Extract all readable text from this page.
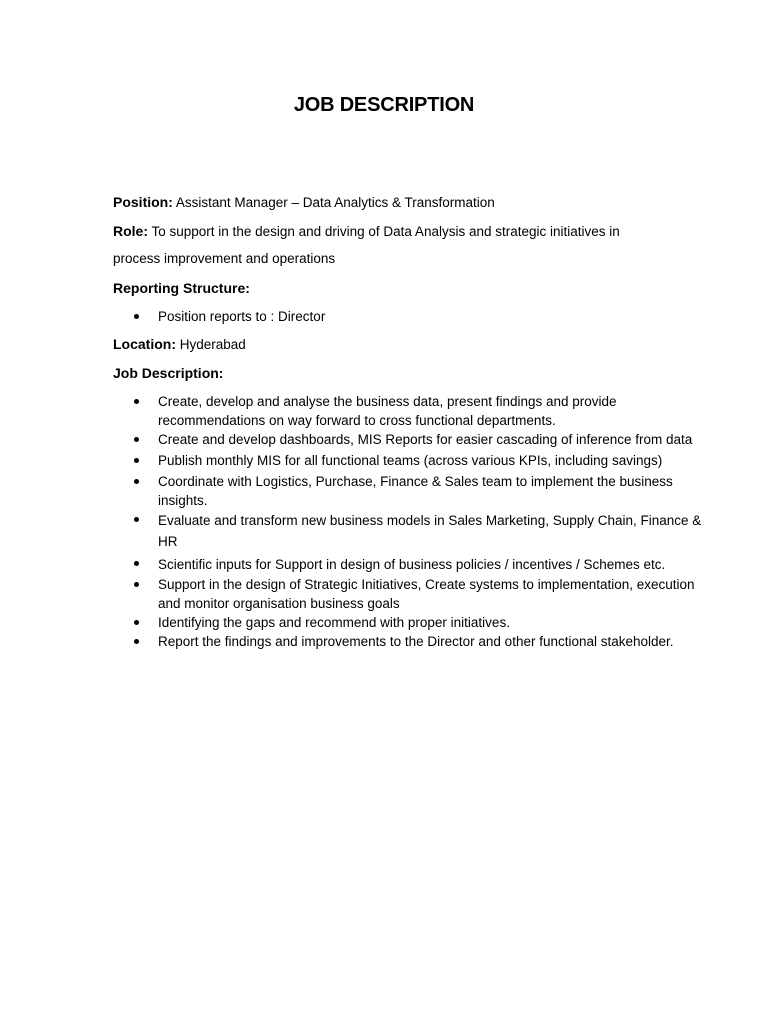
JOB DESCRIPTION
Position: Assistant Manager – Data Analytics & Transformation
Role: To support in the design and driving of Data Analysis and strategic initiatives in
process improvement and operations
Reporting Structure:
Position reports to : Director
Location: Hyderabad
Job Description:
Create, develop and analyse the business data, present findings and provide recommendations on way forward to cross functional departments.
Create and develop dashboards, MIS Reports for easier cascading of inference from data
Publish monthly MIS for all functional teams (across various KPIs, including savings)
Coordinate with Logistics, Purchase, Finance & Sales team to implement the business insights.
Evaluate and transform new business models in Sales Marketing, Supply Chain, Finance & HR
Scientific inputs for Support in design of business policies / incentives / Schemes etc.
Support in the design of Strategic Initiatives, Create systems to implementation, execution and monitor organisation business goals
Identifying the gaps and recommend with proper initiatives.
Report the findings and improvements to the Director and other functional stakeholder.
